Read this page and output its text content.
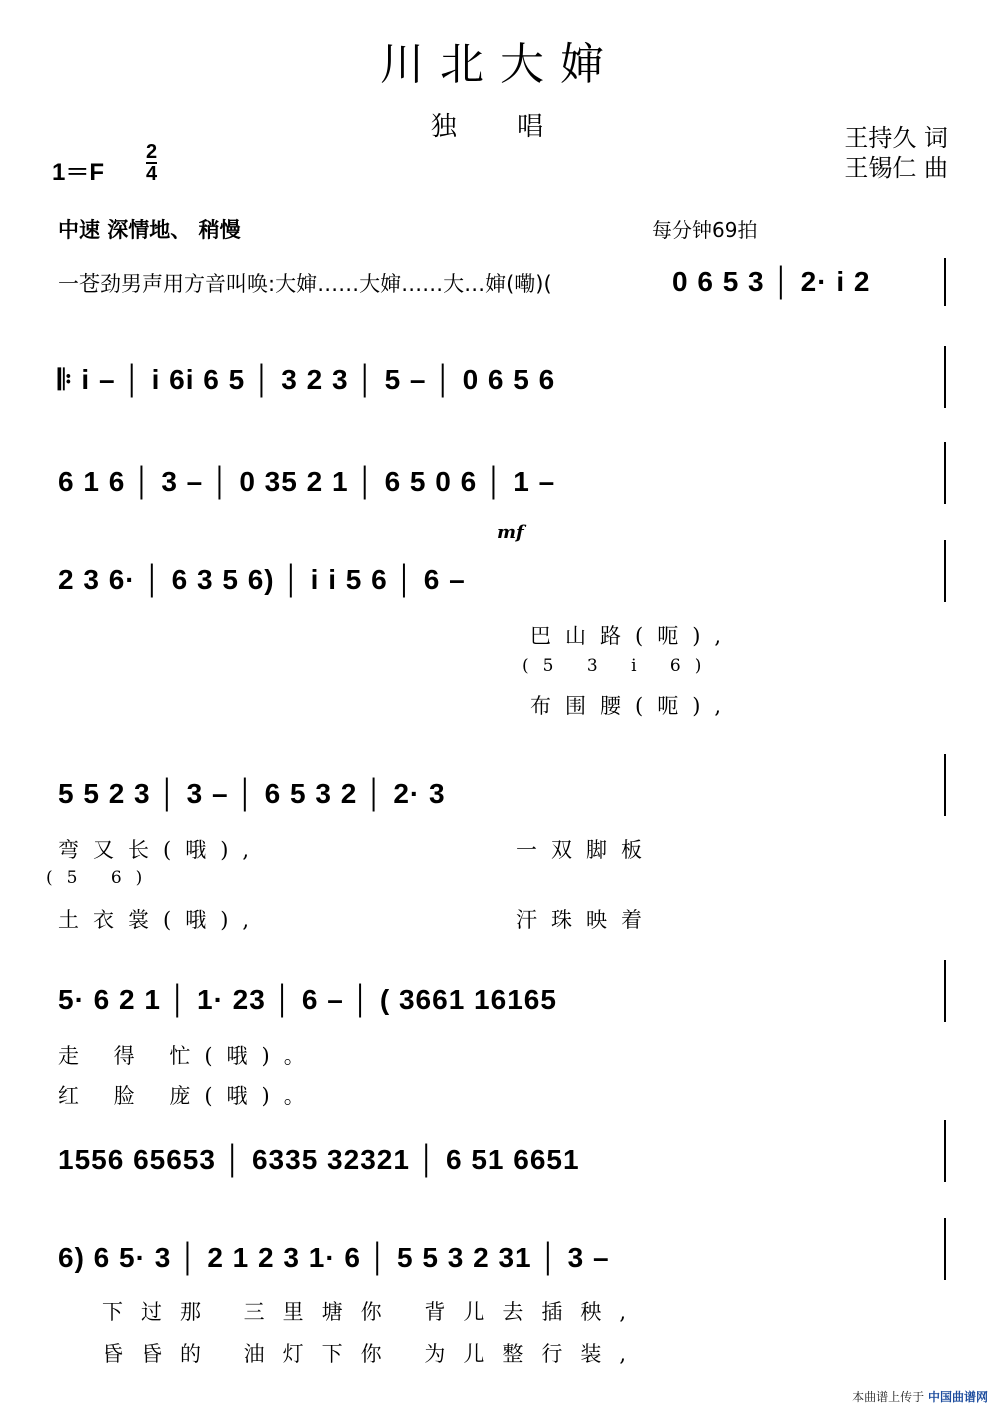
川北大婶
独 唱	王持久 词
王锡仁 曲
1＝F
2
4
中速 深情地、 稍慢	每分钟69拍
一苍劲男声用方音叫唤:大婶……大婶……大…婶(嘞)(	0 6 5 3 │ 2· i 2
𝄆 i – │ i 6i 6 5 │ 3 2 3 │ 5 – │ 0 6 5 6
6 1 6 │ 3 – │ 0 35 2 1 │ 6 5 0 6 │ 1 –
mf
2 3 6· │ 6 3 5 6) │ i i 5 6 │ 6 –
巴山路(呃),
(5 3 i 6)
布围腰(呃),
5 5 2 3 │ 3 – │ 6 5 3 2 │ 2· 3
弯又长(哦),	一双脚板
(5 6)
土衣裳(哦),	汗珠映着
5· 6 2 1 │ 1· 23 │ 6 – │ ( 3661 16165
走 得 忙(哦)。
红 脸 庞(哦)。
1556 65653 │ 6335 32321 │ 6 51 6651
6) 6 5· 3 │ 2 1 2 3 1· 6 │ 5 5 3 2 31 │ 3 –
下过那 三里塘你 背儿去插秧,
昏昏的 油灯下你 为儿整行装,
本曲谱上传于 中国曲谱网
